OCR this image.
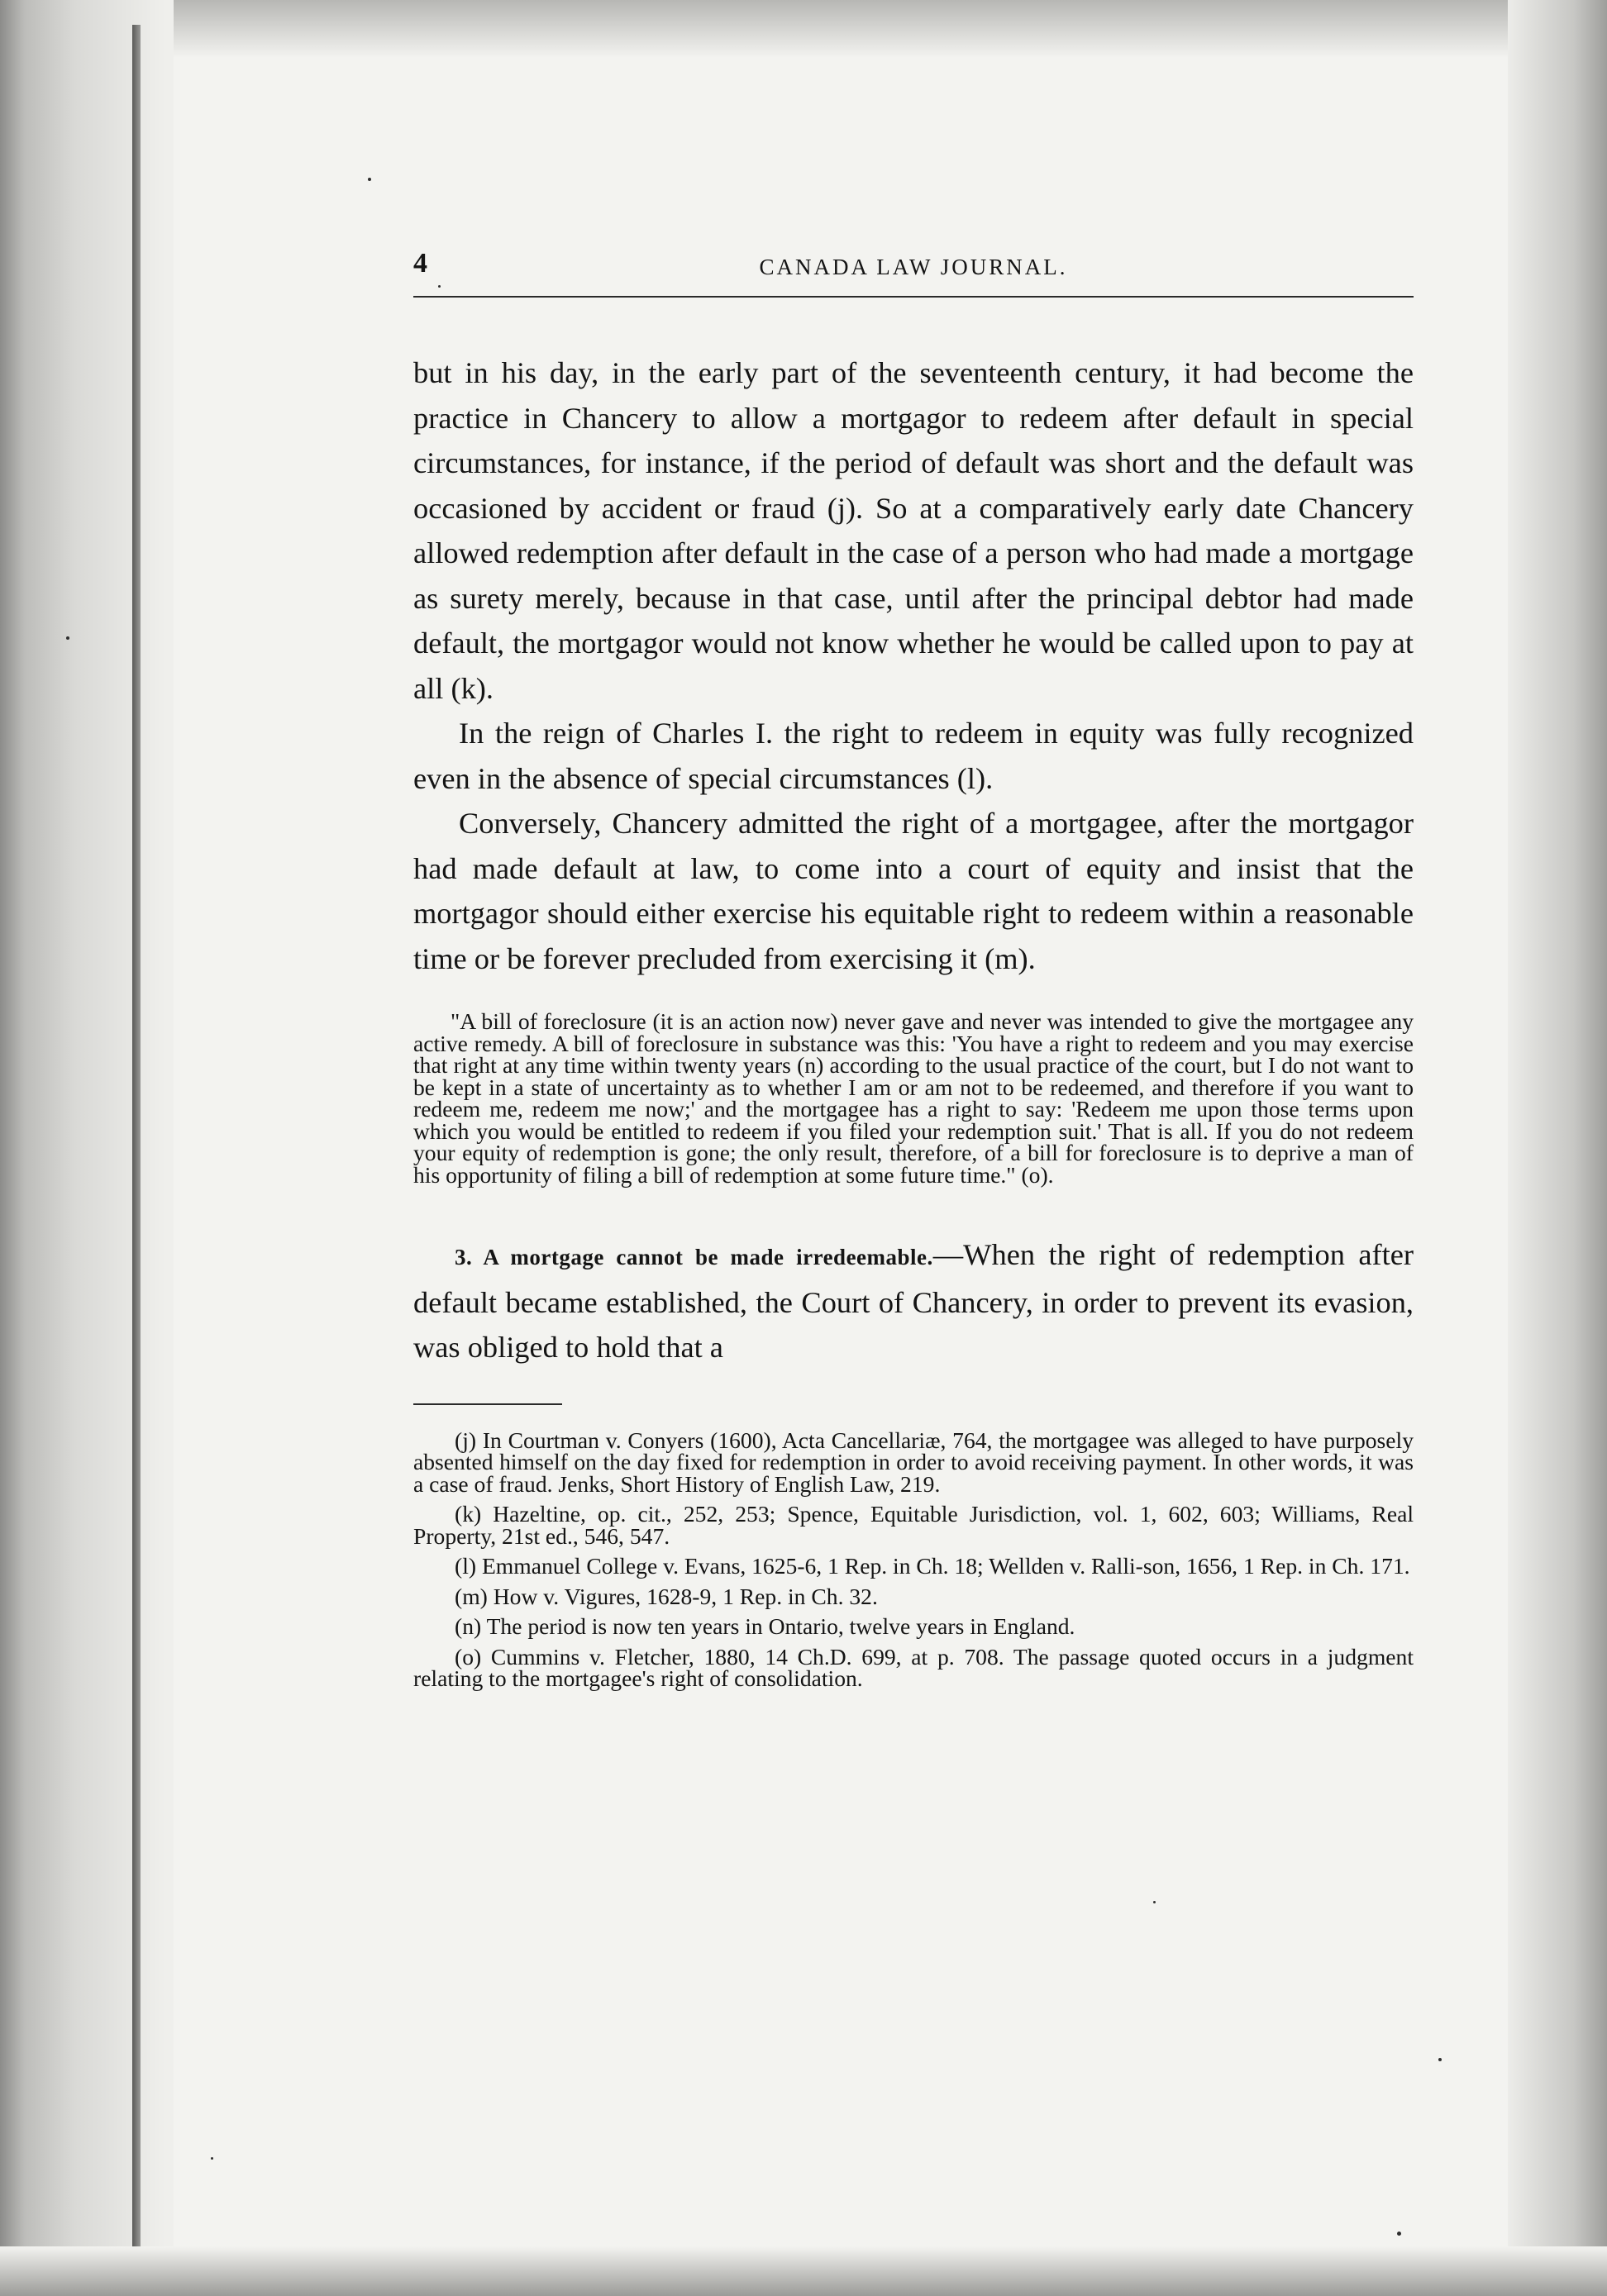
4	CANADA LAW JOURNAL.

but in his day, in the early part of the seventeenth century, it had become the practice in Chancery to allow a mortgagor to redeem after default in special circumstances, for instance, if the period of default was short and the default was occasioned by accident or fraud (j). So at a comparatively early date Chancery allowed redemption after default in the case of a person who had made a mortgage as surety merely, because in that case, until after the principal debtor had made default, the mortgagor would not know whether he would be called upon to pay at all (k).

In the reign of Charles I. the right to redeem in equity was fully recognized even in the absence of special circumstances (l).

Conversely, Chancery admitted the right of a mortgagee, after the mortgagor had made default at law, to come into a court of equity and insist that the mortgagor should either exercise his equitable right to redeem within a reasonable time or be forever precluded from exercising it (m).

"A bill of foreclosure (it is an action now) never gave and never was intended to give the mortgagee any active remedy. A bill of foreclosure in substance was this: 'You have a right to redeem and you may exercise that right at any time within twenty years (n) according to the usual practice of the court, but I do not want to be kept in a state of uncertainty as to whether I am or am not to be redeemed, and therefore if you want to redeem me, redeem me now;' and the mortgagee has a right to say: 'Redeem me upon those terms upon which you would be entitled to redeem if you filed your redemption suit.' That is all. If you do not redeem your equity of redemption is gone; the only result, therefore, of a bill for foreclosure is to deprive a man of his opportunity of filing a bill of redemption at some future time." (o).

3. A mortgage cannot be made irredeemable.—When the right of redemption after default became established, the Court of Chancery, in order to prevent its evasion, was obliged to hold that a

(j) In Courtman v. Conyers (1600), Acta Cancellariæ, 764, the mortgagee was alleged to have purposely absented himself on the day fixed for redemption in order to avoid receiving payment. In other words, it was a case of fraud. Jenks, Short History of English Law, 219.

(k) Hazeltine, op. cit., 252, 253; Spence, Equitable Jurisdiction, vol. 1, 602, 603; Williams, Real Property, 21st ed., 546, 547.

(l) Emmanuel College v. Evans, 1625-6, 1 Rep. in Ch. 18; Wellden v. Ralli-son, 1656, 1 Rep. in Ch. 171.

(m) How v. Vigures, 1628-9, 1 Rep. in Ch. 32.

(n) The period is now ten years in Ontario, twelve years in England.

(o) Cummins v. Fletcher, 1880, 14 Ch.D. 699, at p. 708. The passage quoted occurs in a judgment relating to the mortgagee's right of consolidation.
